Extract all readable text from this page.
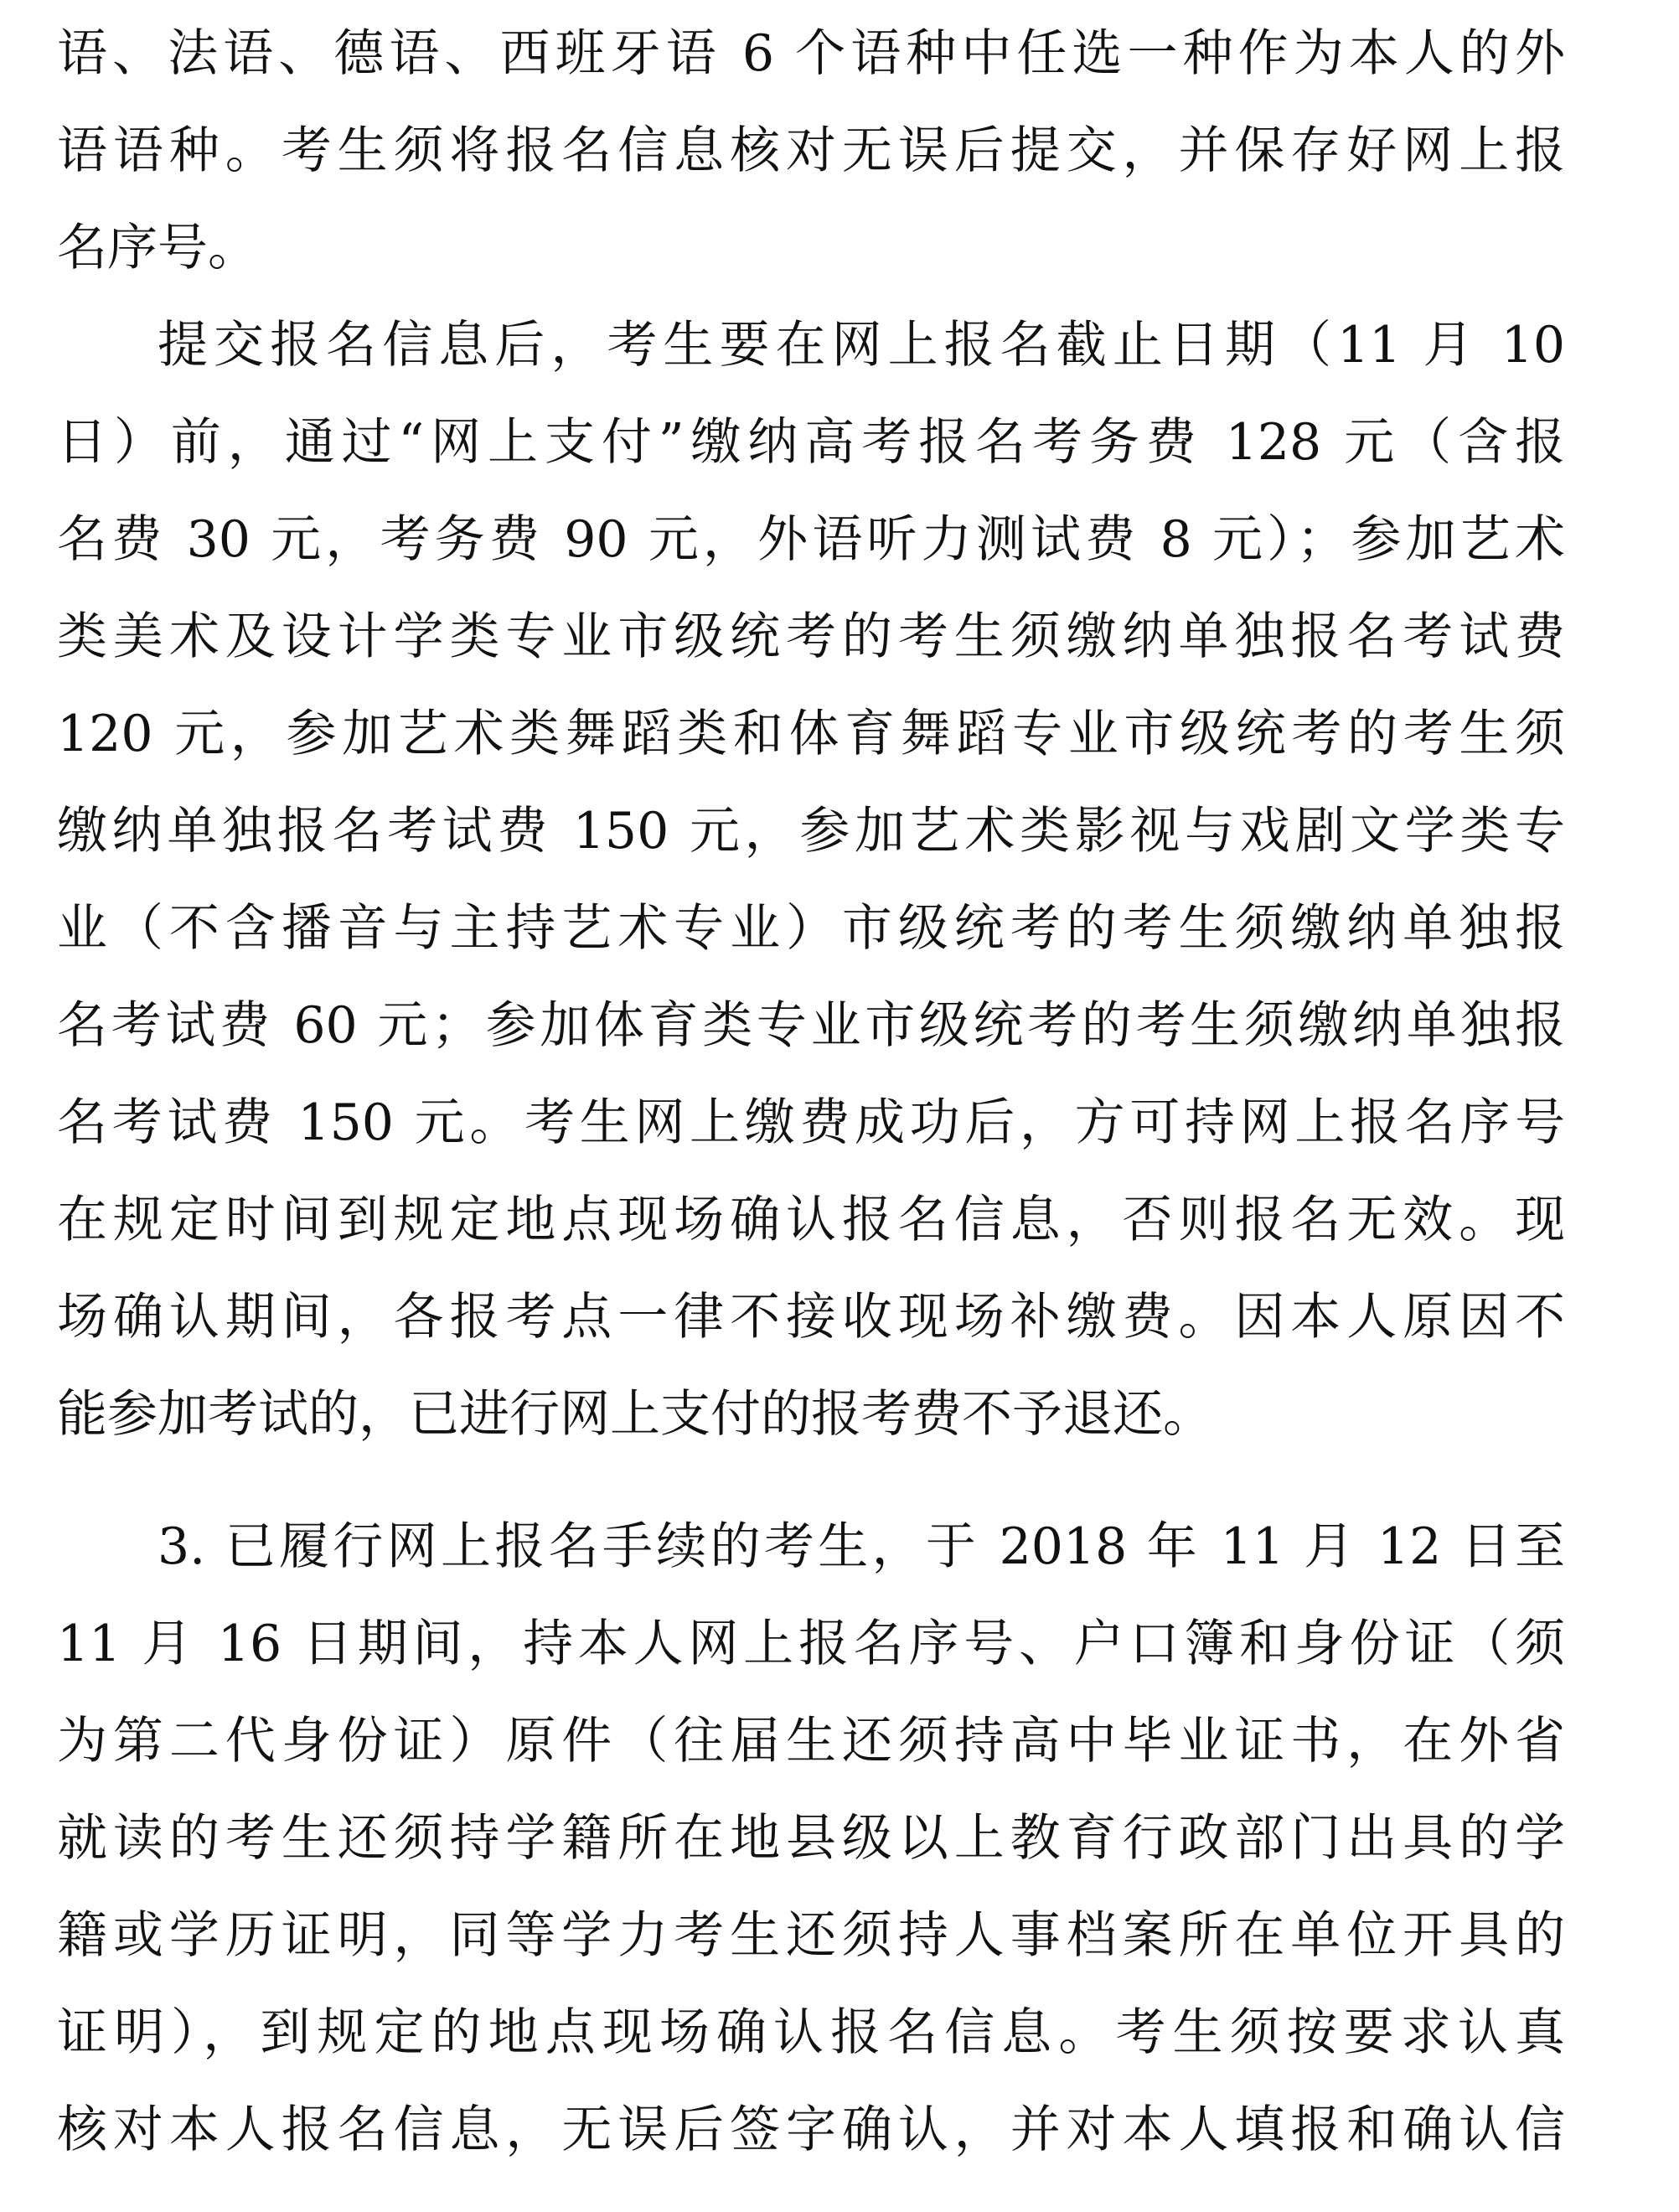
语、法语、德语、西班牙语 6 个语种中任选一种作为本人的外
语语种。考生须将报名信息核对无误后提交，并保存好网上报
名序号。
提交报名信息后，考生要在网上报名截止日期（11 月 10
日）前，通过“网上支付”缴纳高考报名考务费 128 元（含报
名费 30 元，考务费 90 元，外语听力测试费 8 元）；参加艺术
类美术及设计学类专业市级统考的考生须缴纳单独报名考试费
120 元，参加艺术类舞蹈类和体育舞蹈专业市级统考的考生须
缴纳单独报名考试费 150 元，参加艺术类影视与戏剧文学类专
业（不含播音与主持艺术专业）市级统考的考生须缴纳单独报
名考试费 60 元；参加体育类专业市级统考的考生须缴纳单独报
名考试费 150 元。考生网上缴费成功后，方可持网上报名序号
在规定时间到规定地点现场确认报名信息，否则报名无效。现
场确认期间，各报考点一律不接收现场补缴费。因本人原因不
能参加考试的，已进行网上支付的报考费不予退还。
3. 已履行网上报名手续的考生，于 2018 年 11 月 12 日至
11 月 16 日期间，持本人网上报名序号、户口簿和身份证（须
为第二代身份证）原件（往届生还须持高中毕业证书，在外省
就读的考生还须持学籍所在地县级以上教育行政部门出具的学
籍或学历证明，同等学力考生还须持人事档案所在单位开具的
证明），到规定的地点现场确认报名信息。考生须按要求认真
核对本人报名信息，无误后签字确认，并对本人填报和确认信
